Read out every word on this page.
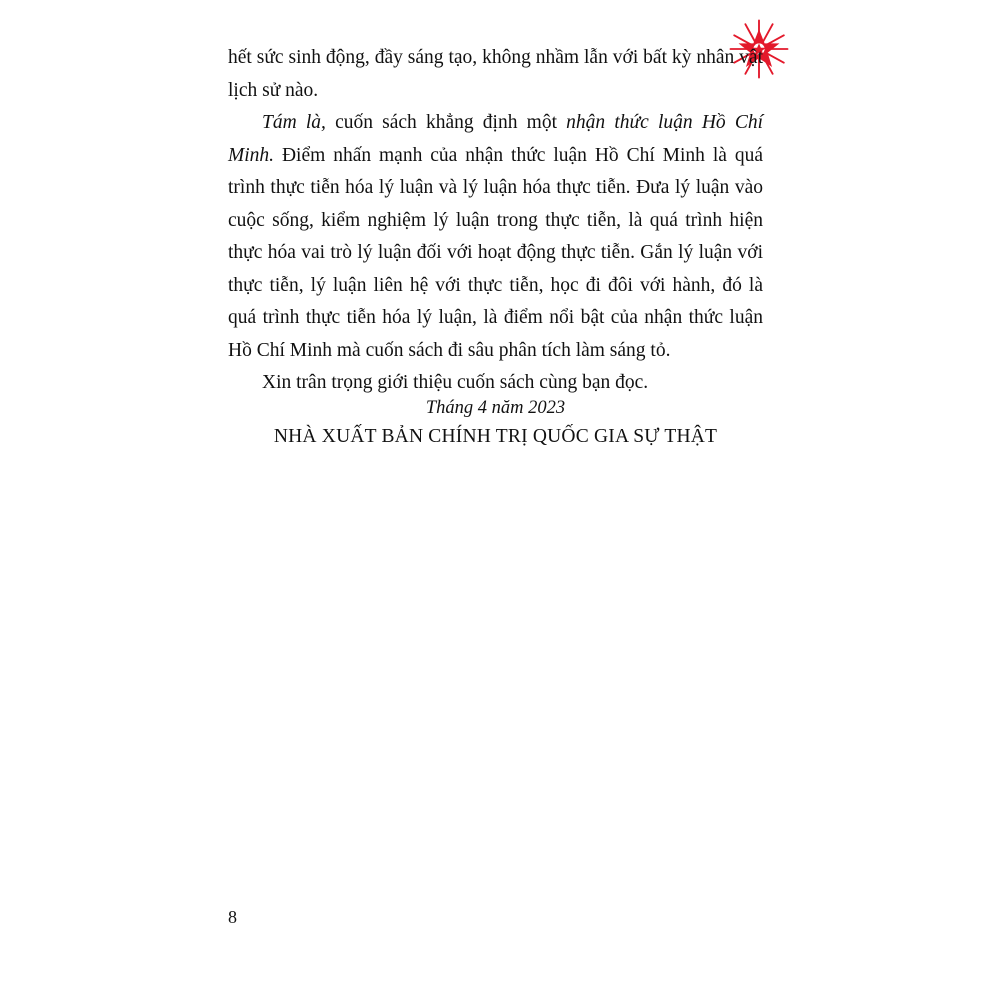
hết sức sinh động, đầy sáng tạo, không nhầm lẫn với bất kỳ nhân vật lịch sử nào.

Tám là, cuốn sách khẳng định một nhận thức luận Hồ Chí Minh. Điểm nhấn mạnh của nhận thức luận Hồ Chí Minh là quá trình thực tiễn hóa lý luận và lý luận hóa thực tiễn. Đưa lý luận vào cuộc sống, kiểm nghiệm lý luận trong thực tiễn, là quá trình hiện thực hóa vai trò lý luận đối với hoạt động thực tiễn. Gắn lý luận với thực tiễn, lý luận liên hệ với thực tiễn, học đi đôi với hành, đó là quá trình thực tiễn hóa lý luận, là điểm nổi bật của nhận thức luận Hồ Chí Minh mà cuốn sách đi sâu phân tích làm sáng tỏ.

Xin trân trọng giới thiệu cuốn sách cùng bạn đọc.

Tháng 4 năm 2023

NHÀ XUẤT BẢN CHÍNH TRỊ QUỐC GIA SỰ THẬT

8
